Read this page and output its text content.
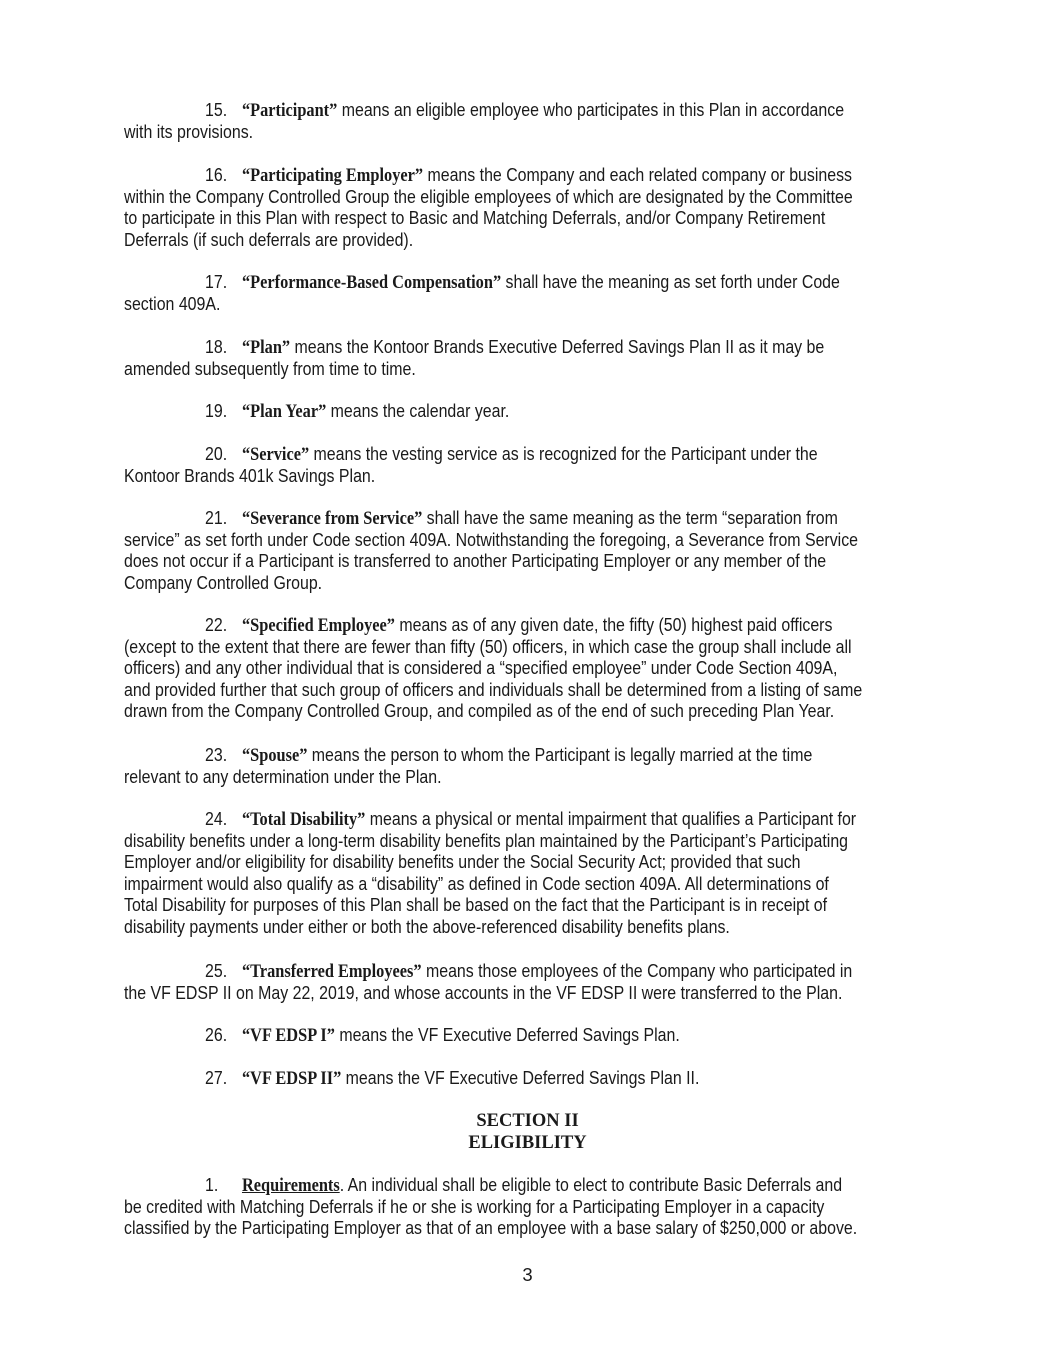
15. “Participant” means an eligible employee who participates in this Plan in accordance
with its provisions.
16. “Participating Employer” means the Company and each related company or business
within the Company Controlled Group the eligible employees of which are designated by the Committee
to participate in this Plan with respect to Basic and Matching Deferrals, and/or Company Retirement
Deferrals (if such deferrals are provided).
17. “Performance-Based Compensation” shall have the meaning as set forth under Code
section 409A.
18. “Plan” means the Kontoor Brands Executive Deferred Savings Plan II as it may be
amended subsequently from time to time.
19. “Plan Year” means the calendar year.
20. “Service” means the vesting service as is recognized for the Participant under the
Kontoor Brands 401k Savings Plan.
21. “Severance from Service” shall have the same meaning as the term “separation from
service” as set forth under Code section 409A. Notwithstanding the foregoing, a Severance from Service
does not occur if a Participant is transferred to another Participating Employer or any member of the
Company Controlled Group.
22. “Specified Employee” means as of any given date, the fifty (50) highest paid officers
(except to the extent that there are fewer than fifty (50) officers, in which case the group shall include all
officers) and any other individual that is considered a “specified employee” under Code Section 409A,
and provided further that such group of officers and individuals shall be determined from a listing of same
drawn from the Company Controlled Group, and compiled as of the end of such preceding Plan Year.
23. “Spouse” means the person to whom the Participant is legally married at the time
relevant to any determination under the Plan.
24. “Total Disability” means a physical or mental impairment that qualifies a Participant for
disability benefits under a long-term disability benefits plan maintained by the Participant’s Participating
Employer and/or eligibility for disability benefits under the Social Security Act; provided that such
impairment would also qualify as a “disability” as defined in Code section 409A. All determinations of
Total Disability for purposes of this Plan shall be based on the fact that the Participant is in receipt of
disability payments under either or both the above-referenced disability benefits plans.
25. “Transferred Employees” means those employees of the Company who participated in
the VF EDSP II on May 22, 2019, and whose accounts in the VF EDSP II were transferred to the Plan.
26. “VF EDSP I” means the VF Executive Deferred Savings Plan.
27. “VF EDSP II” means the VF Executive Deferred Savings Plan II.
SECTION II
ELIGIBILITY
1. Requirements. An individual shall be eligible to elect to contribute Basic Deferrals and
be credited with Matching Deferrals if he or she is working for a Participating Employer in a capacity
classified by the Participating Employer as that of an employee with a base salary of $250,000 or above.
3
